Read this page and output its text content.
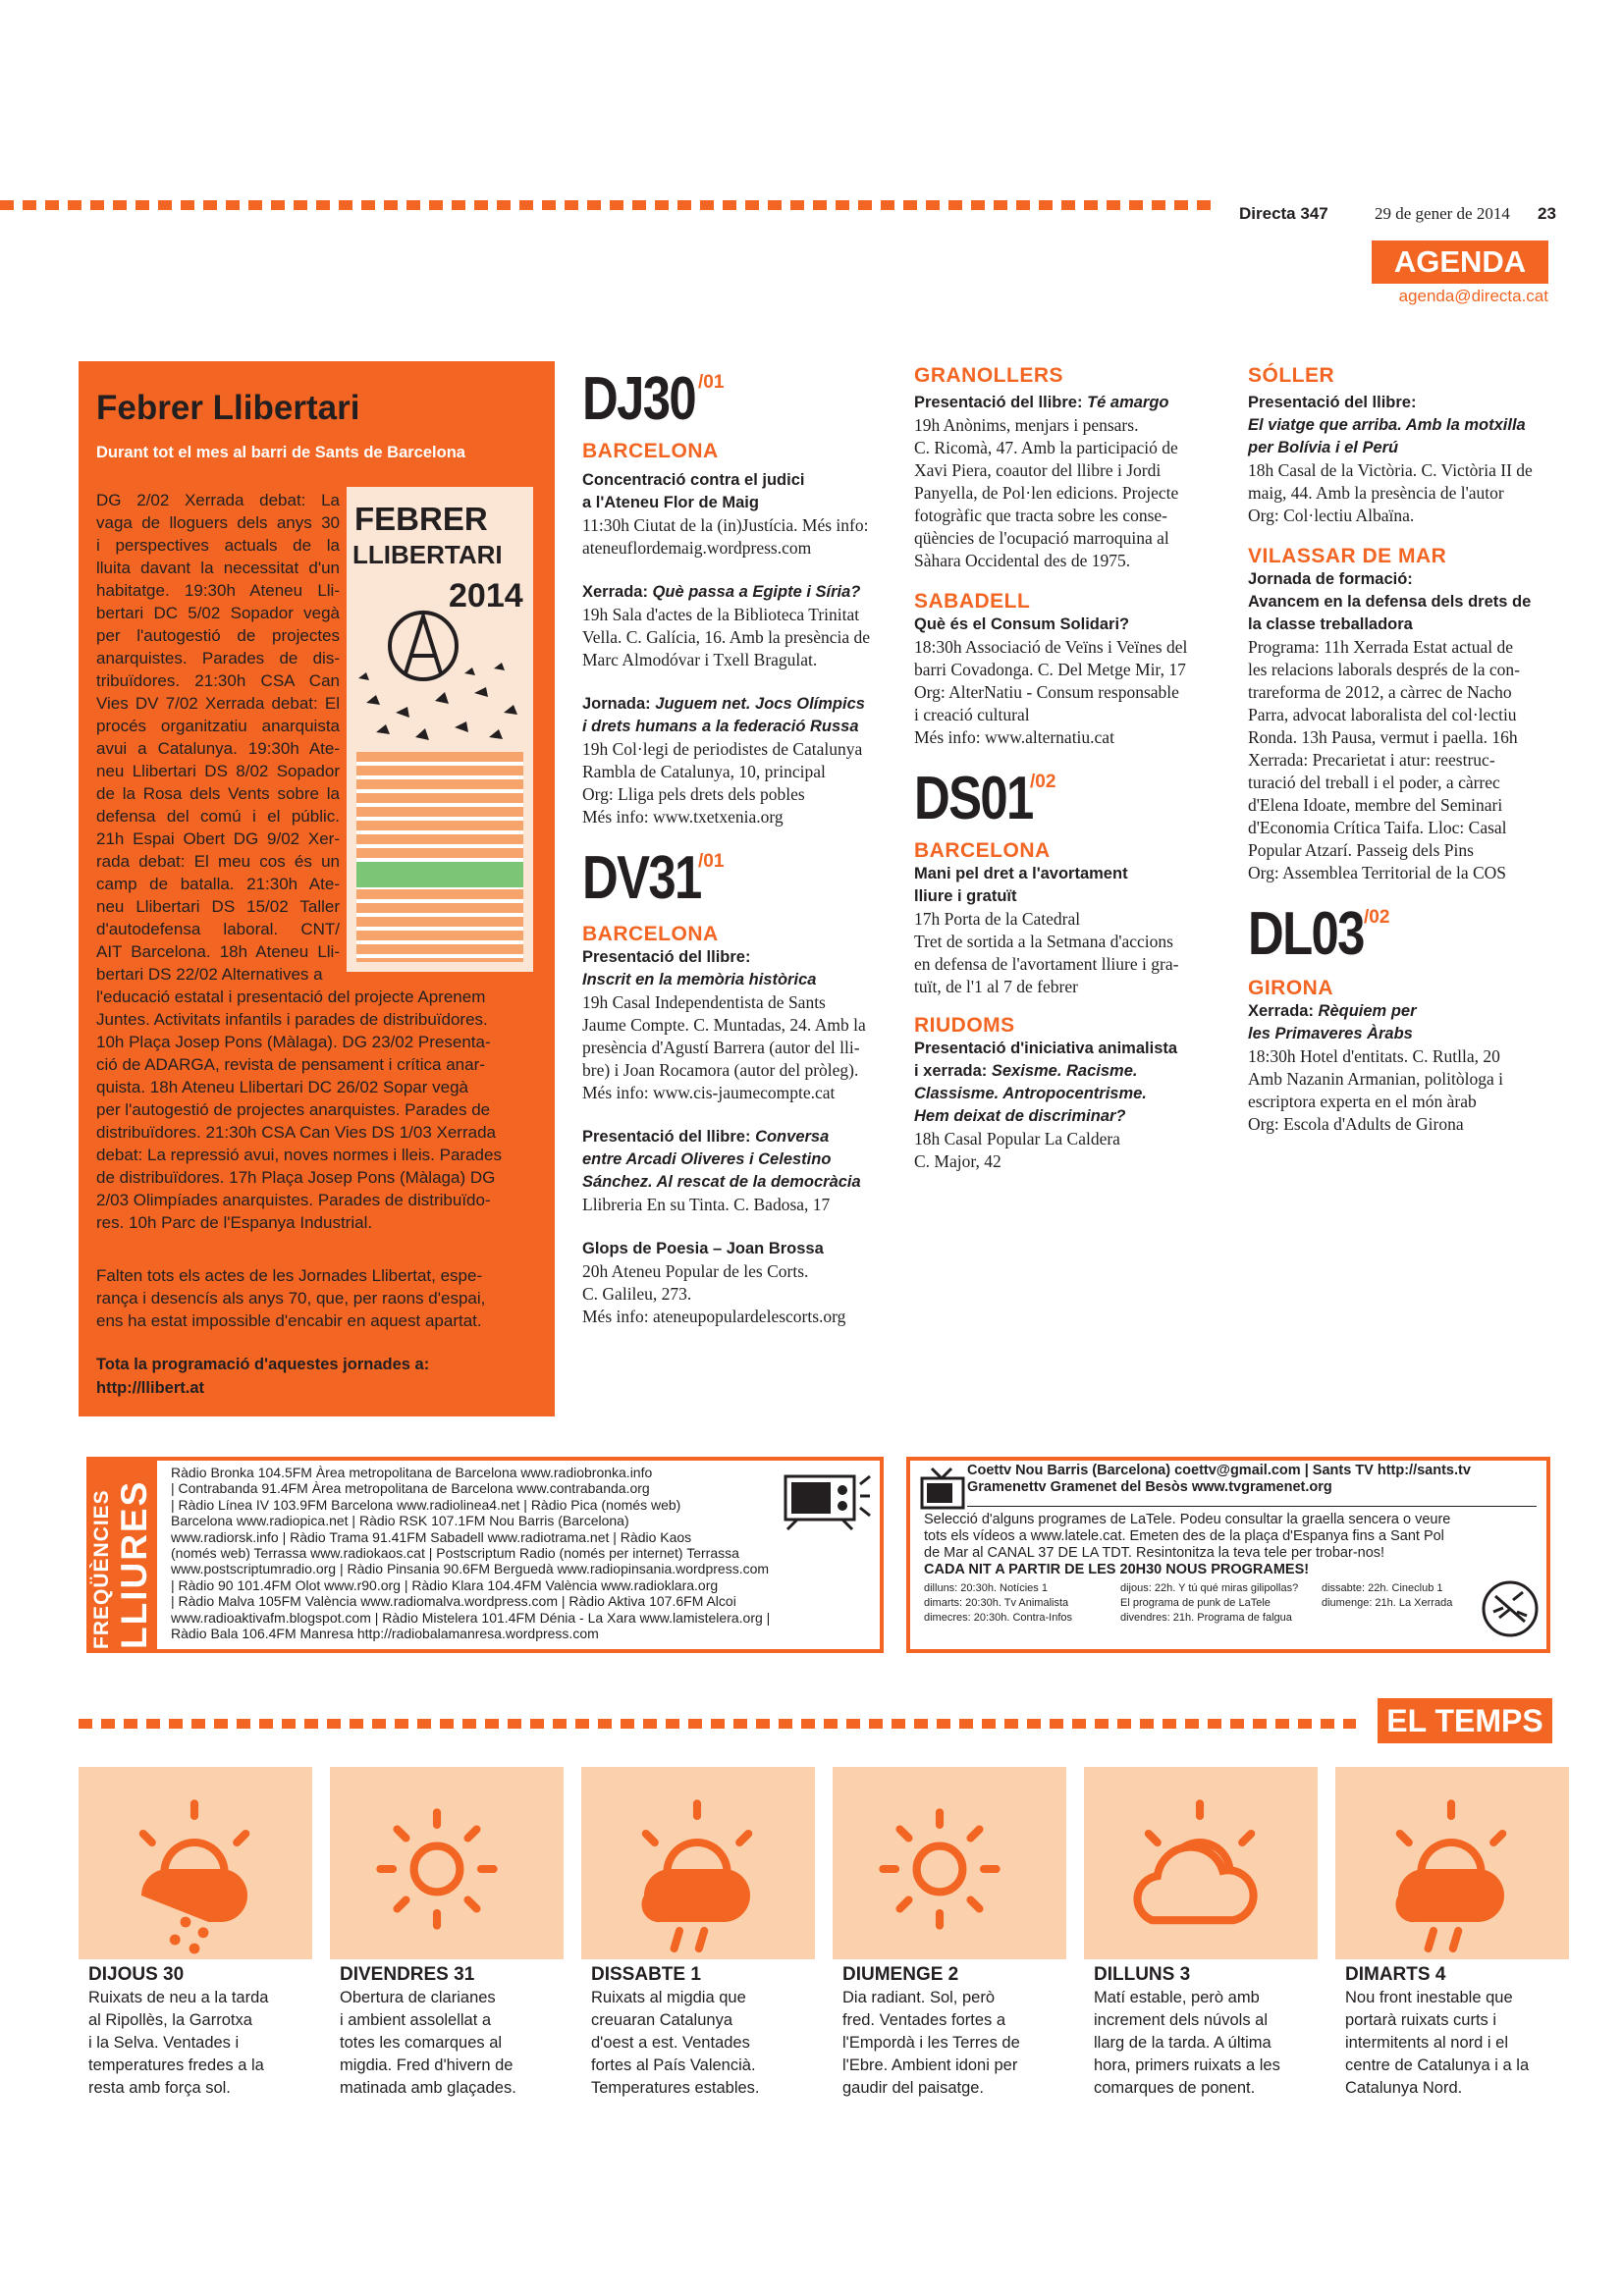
Directa 347	29 de gener de 2014 23
AGENDA
agenda@directa.cat
Febrer Llibertari
Durant tot el mes al barri de Sants de Barcelona
FEBRER
LLIBERTARI
2014
DG 2/02 Xerrada debat: La
vaga de lloguers dels anys 30
i perspectives actuals de la
lluita davant la necessitat d'un
habitatge. 19:30h Ateneu Lli-
bertari DC 5/02 Sopador vegà
per l'autogestió de projectes
anarquistes. Parades de dis-
tribuïdores. 21:30h CSA Can
Vies DV 7/02 Xerrada debat: El
procés organitzatiu anarquista
avui a Catalunya. 19:30h Ate-
neu Llibertari DS 8/02 Sopador
de la Rosa dels Vents sobre la
defensa del comú i el públic.
21h Espai Obert DG 9/02 Xer-
rada debat: El meu cos és un
camp de batalla. 21:30h Ate-
neu Llibertari DS 15/02 Taller
d'autodefensa laboral. CNT/
AIT Barcelona. 18h Ateneu Lli-
bertari DS 22/02 Alternatives a
l'educació estatal i presentació del projecte Aprenem
Juntes. Activitats infantils i parades de distribuïdores.
10h Plaça Josep Pons (Màlaga). DG 23/02 Presenta-
ció de ADARGA, revista de pensament i crítica anar-
quista. 18h Ateneu Llibertari DC 26/02 Sopar vegà
per l'autogestió de projectes anarquistes. Parades de
distribuïdores. 21:30h CSA Can Vies DS 1/03 Xerrada
debat: La repressió avui, noves normes i lleis. Parades
de distribuïdores. 17h Plaça Josep Pons (Màlaga) DG
2/03 Olimpíades anarquistes. Parades de distribuïdo-
res. 10h Parc de l'Espanya Industrial.
Falten tots els actes de les Jornades Llibertat, espe-
rança i desencís als anys 70, que, per raons d'espai,
ens ha estat impossible d'encabir en aquest apartat.
Tota la programació d'aquestes jornades a:
http://llibert.at
DJ30 /01
BARCELONA
Concentració contra el judici
a l'Ateneu Flor de Maig
11:30h Ciutat de la (in)Justícia. Més info:
ateneuflordemaig.wordpress.com
Xerrada: Què passa a Egipte i Síria?
19h Sala d'actes de la Biblioteca Trinitat
Vella. C. Galícia, 16. Amb la presència de
Marc Almodóvar i Txell Bragulat.
Jornada: Juguem net. Jocs Olímpics
i drets humans a la federació Russa
19h Col·legi de periodistes de Catalunya
Rambla de Catalunya, 10, principal
Org: Lliga pels drets dels pobles
Més info: www.txetxenia.org
DV31
/01
BARCELONA
Presentació del llibre:
Inscrit en la memòria històrica
19h Casal Independentista de Sants
Jaume Compte. C. Muntadas, 24. Amb la
presència d'Agustí Barrera (autor del lli-
bre) i Joan Rocamora (autor del pròleg).
Més info: www.cis-jaumecompte.cat
Presentació del llibre: Conversa
entre Arcadi Oliveres i Celestino
Sánchez. Al rescat de la democràcia
Llibreria En su Tinta. C. Badosa, 17
Glops de Poesia – Joan Brossa
20h Ateneu Popular de les Corts.
C. Galileu, 273.
Més info: ateneupopulardelescorts.org
GRANOLLERS
Presentació del llibre: Té amargo
19h Anònims, menjars i pensars.
C. Ricomà, 47. Amb la participació de
Xavi Piera, coautor del llibre i Jordi
Panyella, de Pol·len edicions. Projecte
fotogràfic que tracta sobre les conse-
qüències de l'ocupació marroquina al
Sàhara Occidental des de 1975.
SABADELL
Què és el Consum Solidari?
18:30h Associació de Veïns i Veïnes del
barri Covadonga. C. Del Metge Mir, 17
Org: AlterNatiu - Consum responsable
i creació cultural
Més info: www.alternatiu.cat
DS01
/02
BARCELONA
Mani pel dret a l'avortament
lliure i gratuït
17h Porta de la Catedral
Tret de sortida a la Setmana d'accions
en defensa de l'avortament lliure i gra-
tuït, de l'1 al 7 de febrer
RIUDOMS
Presentació d'iniciativa animalista
i xerrada: Sexisme. Racisme.
Classisme. Antropocentrisme.
Hem deixat de discriminar?
18h Casal Popular La Caldera
C. Major, 42
SÓLLER
Presentació del llibre:
El viatge que arriba. Amb la motxilla
per Bolívia i el Perú
18h Casal de la Victòria. C. Victòria II de
maig, 44. Amb la presència de l'autor
Org: Col·lectiu Albaïna.
VILASSAR DE MAR
Jornada de formació:
Avancem en la defensa dels drets de
la classe treballadora
Programa: 11h Xerrada Estat actual de
les relacions laborals després de la con-
trareforma de 2012, a càrrec de Nacho
Parra, advocat laboralista del col·lectiu
Ronda. 13h Pausa, vermut i paella. 16h
Xerrada: Precarietat i atur: reestruc-
turació del treball i el poder, a càrrec
d'Elena Idoate, membre del Seminari
d'Economia Crítica Taifa. Lloc: Casal
Popular Atzarí. Passeig dels Pins
Org: Assemblea Territorial de la COS
DL03 /02
GIRONA
Xerrada: Rèquiem per
les Primaveres Àrabs
18:30h Hotel d'entitats. C. Rutlla, 20
Amb Nazanin Armanian, politòloga i
escriptora experta en el món àrab
Org: Escola d'Adults de Girona
FREQÜÈNCIES LLIURES
Ràdio Bronka 104.5FM Àrea metropolitana de Barcelona www.radiobronka.info
| Contrabanda 91.4FM Àrea metropolitana de Barcelona www.contrabanda.org
| Ràdio Línea IV 103.9FM Barcelona www.radiolinea4.net | Ràdio Pica (només web)
Barcelona www.radiopica.net | Ràdio RSK 107.1FM Nou Barris (Barcelona)
www.radiorsk.info | Ràdio Trama 91.41FM Sabadell www.radiotrama.net | Ràdio Kaos
(només web) Terrassa www.radiokaos.cat | Postscriptum Radio (només per internet) Terrassa
www.postscriptumradio.org | Ràdio Pinsania 90.6FM Berguedà www.radiopinsania.wordpress.com
| Ràdio 90 101.4FM Olot www.r90.org | Ràdio Klara 104.4FM València www.radioklara.org
| Ràdio Malva 105FM València www.radiomalva.wordpress.com | Ràdio Aktiva 107.6FM Alcoi
www.radioaktivafm.blogspot.com | Ràdio Mistelera 101.4FM Dénia - La Xara www.lamistelera.org |
Ràdio Bala 106.4FM Manresa http://radiobalamanresa.wordpress.com
Coettv Nou Barris (Barcelona) coettv@gmail.com | Sants TV http://sants.tv
Gramenettv Gramenet del Besòs www.tvgramenet.org
Selecció d'alguns programes de LaTele. Podeu consultar la graella sencera o veure
tots els vídeos a www.latele.cat. Emeten des de la plaça d'Espanya fins a Sant Pol
de Mar al CANAL 37 DE LA TDT. Resintonitza la teva tele per trobar-nos!
CADA NIT A PARTIR DE LES 20H30 NOUS PROGRAMES!
dilluns: 20:30h. Notícies 1	dijous: 22h. Y tú qué miras gilipollas? dissabte: 22h. Cineclub 1
dimarts: 20:30h. Tv Animalista	El programa de punk de LaTele	diumenge: 21h. La Xerrada
dimecres: 20:30h. Contra-Infos	divendres: 21h. Programa de falgua
EL TEMPS
DIJOUS 30
Ruixats de neu a la tarda
al Ripollès, la Garrotxa
i la Selva. Ventades i
temperatures fredes a la
resta amb força sol.
DIVENDRES 31
Obertura de clarianes
i ambient assolellat a
totes les comarques al
migdia. Fred d'hivern de
matinada amb glaçades.
DISSABTE 1
Ruixats al migdia que
creuaran Catalunya
d'oest a est. Ventades
fortes al País Valencià.
Temperatures estables.
DIUMENGE 2
Dia radiant. Sol, però
fred. Ventades fortes a
l'Empordà i les Terres de
l'Ebre. Ambient idoni per
gaudir del paisatge.
DILLUNS 3
Matí estable, però amb
increment dels núvols al
llarg de la tarda. A última
hora, primers ruixats a les
comarques de ponent.
DIMARTS 4
Nou front inestable que
portarà ruixats curts i
intermitents al nord i el
centre de Catalunya i a la
Catalunya Nord.
